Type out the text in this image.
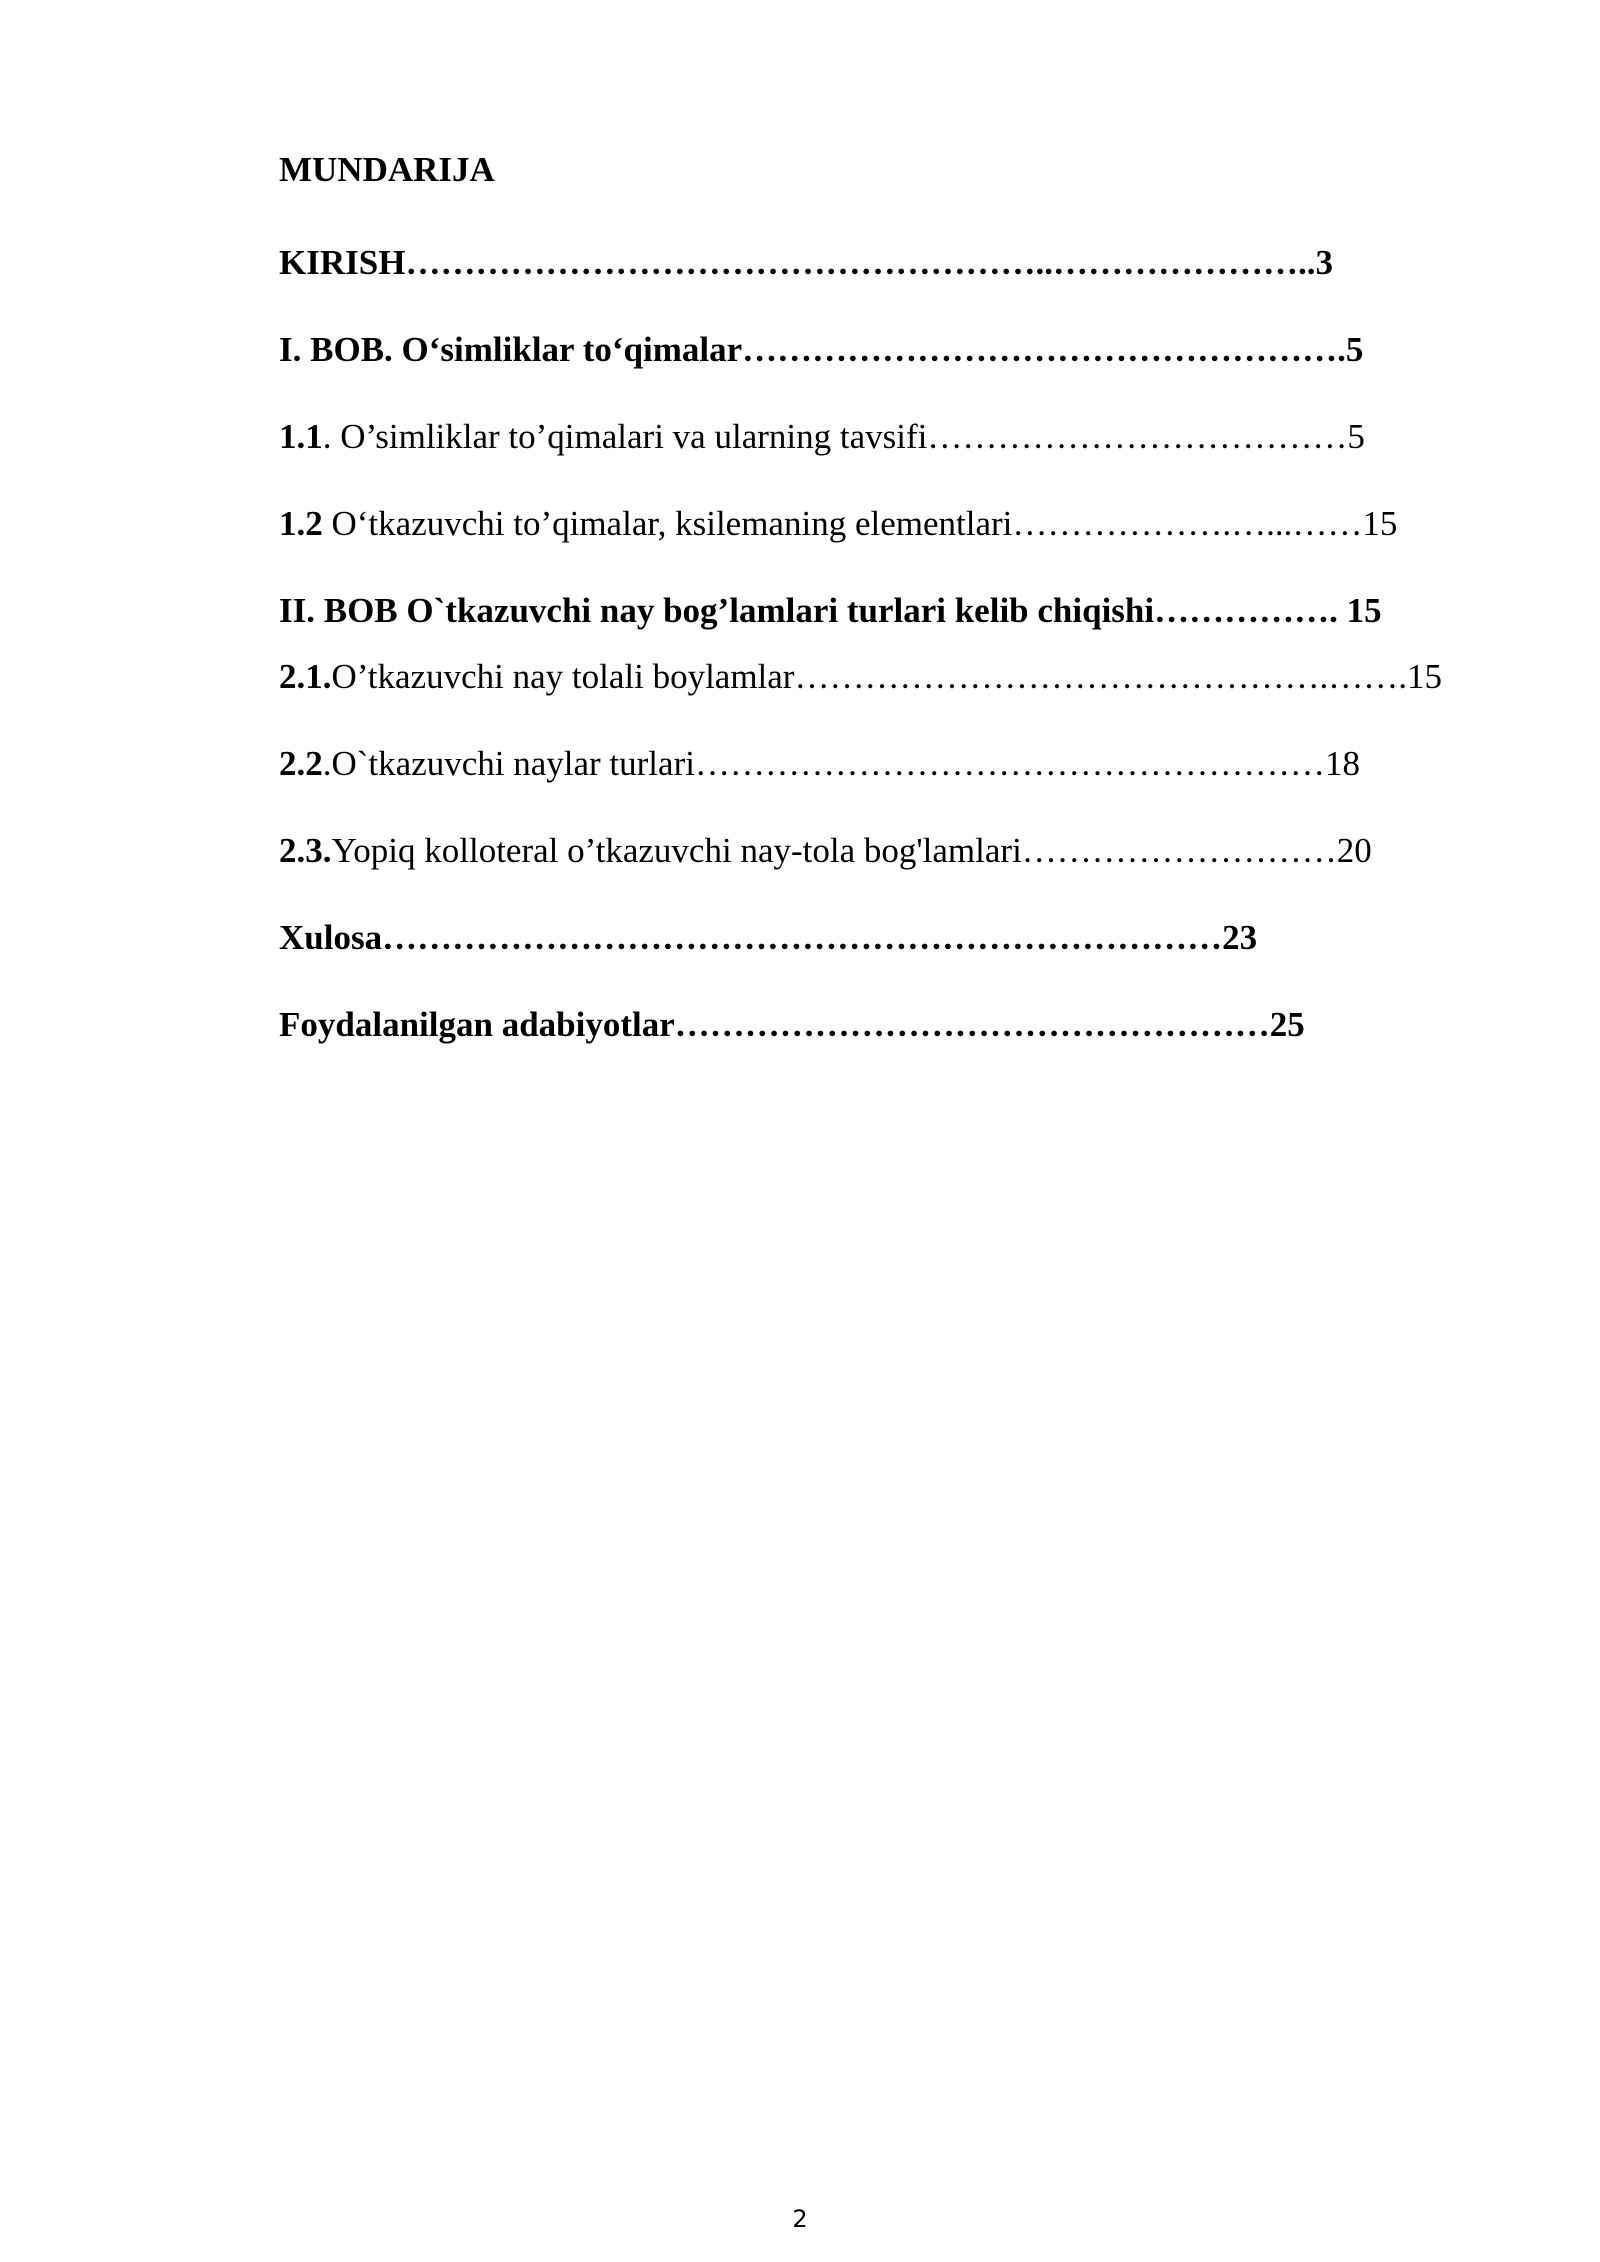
MUNDARIJA
KIRISH………………………………………………..…………………..3
I. BOB. O‘simliklar to‘qimalar…………………………………………….5
1.1. O’simliklar to’qimalari va ularning tavsifi………………………………5
1.2 O‘tkazuvchi to’qimalar, ksilemaning elementlari……………….…...……15
II. BOB O`tkazuvchi nay bog’lamlari turlari kelib chiqishi……………. 15
2.1.O’tkazuvchi nay tolali boylamlar……………………………………….…….15
2.2.O`tkazuvchi naylar turlari………………………………………………18
2.3.Yopiq kolloteral o’tkazuvchi nay-tola bog'lamlari………………………20
Xulosa………………………………………………………………23
Foydalanilgan adabiyotlar……………………………………………25
2
